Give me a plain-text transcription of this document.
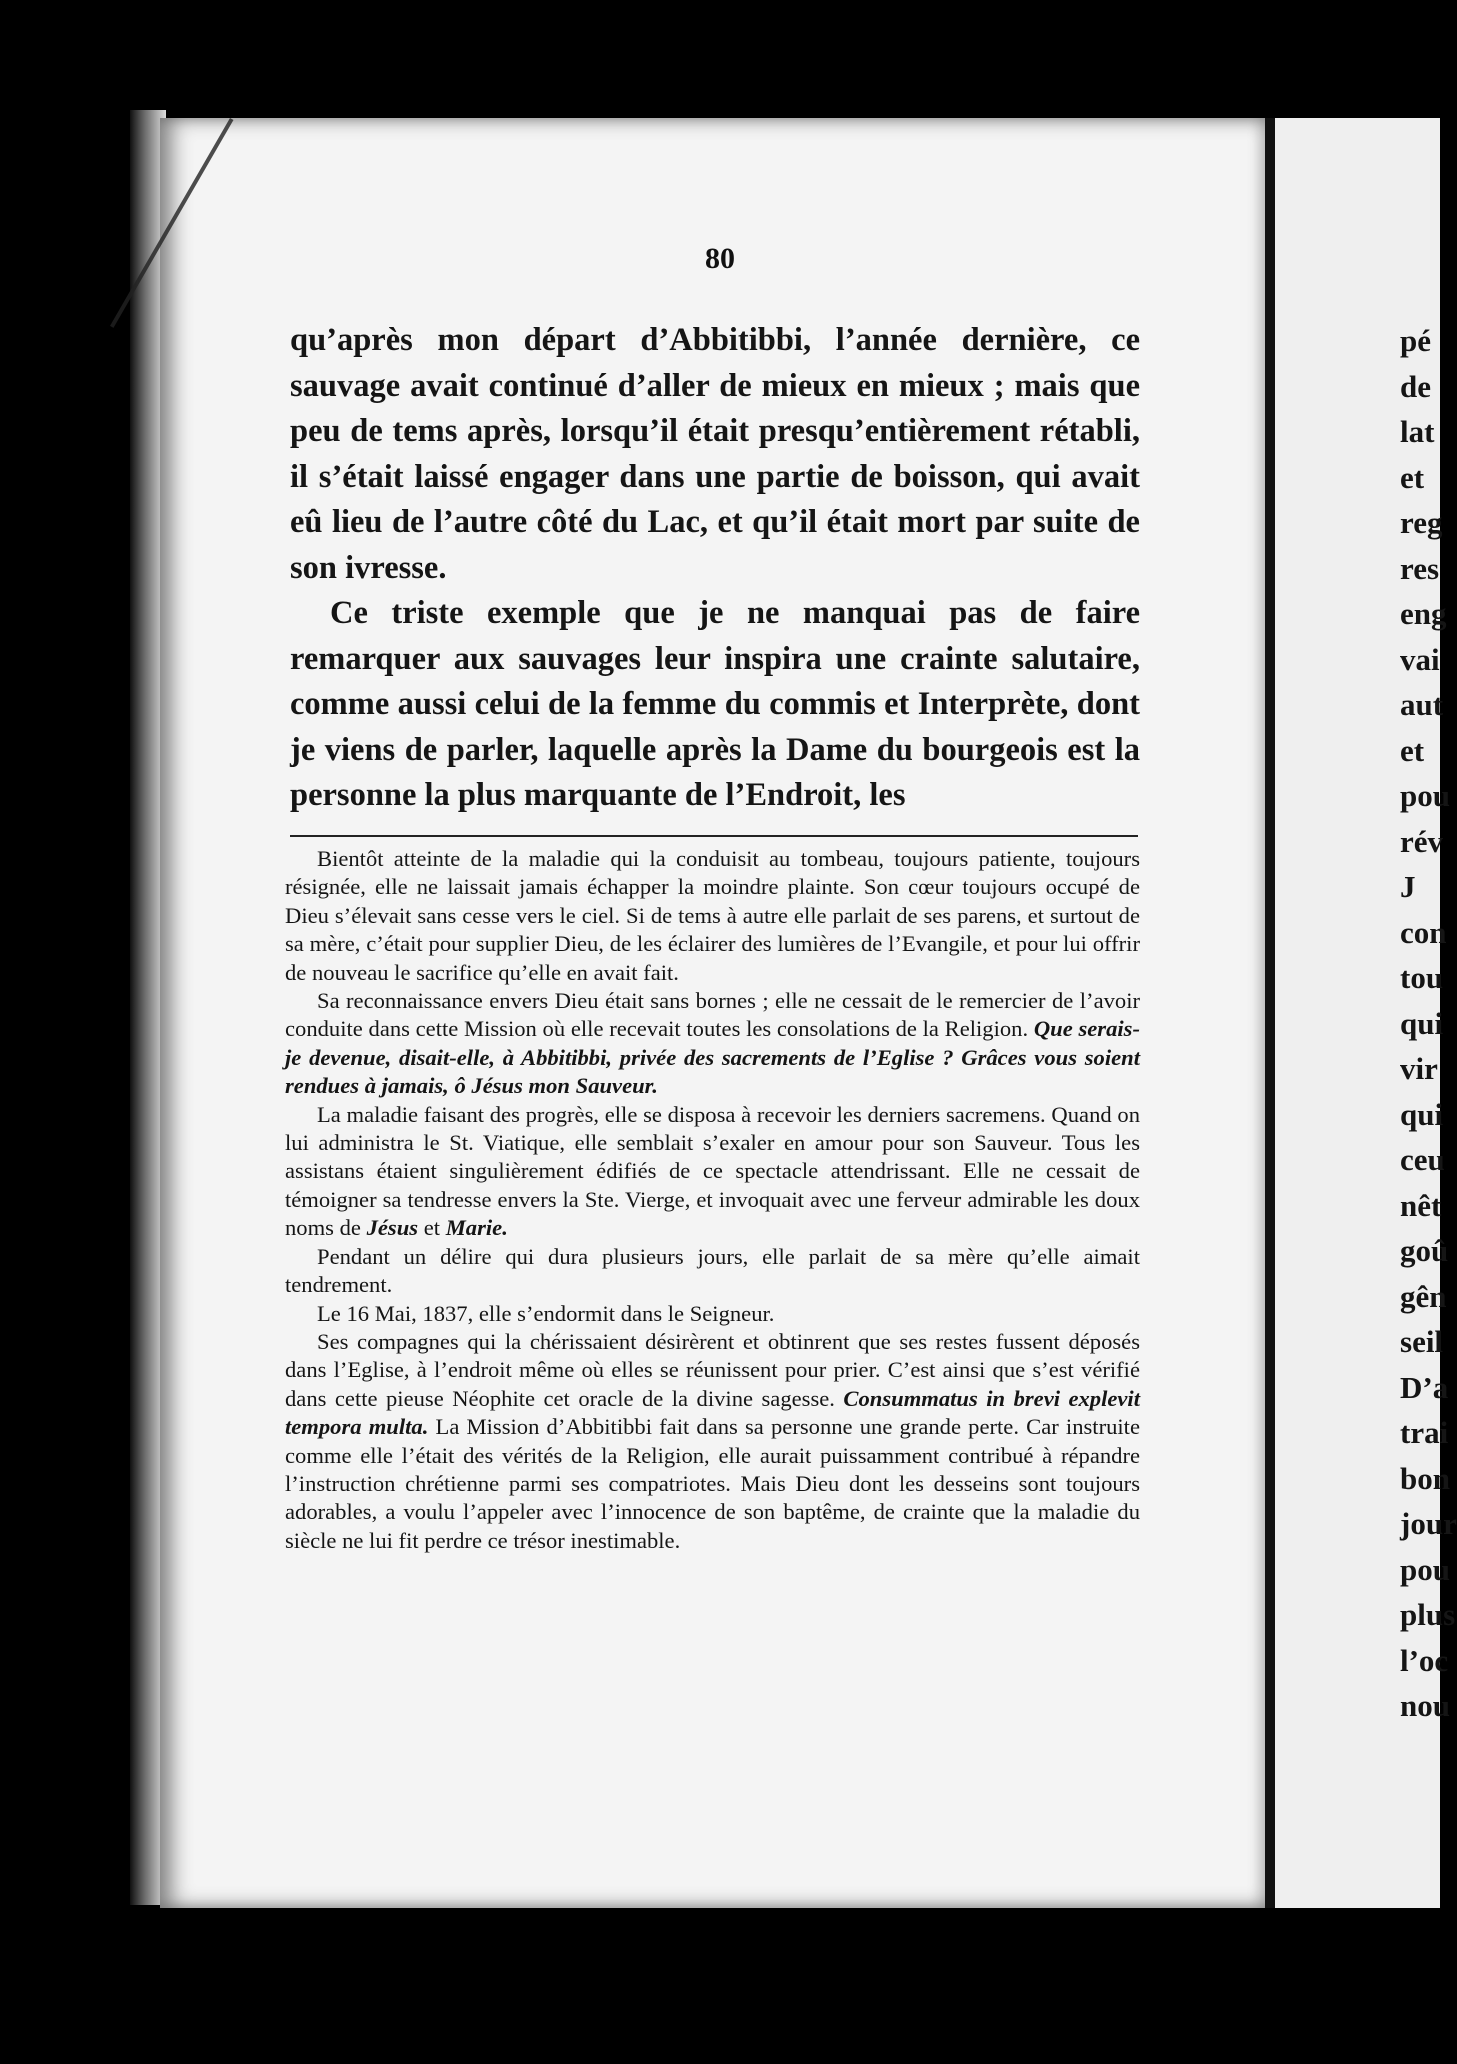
80

qu’après mon départ d’Abbitibbi, l’année dernière, ce sauvage avait continué d’aller de mieux en mieux ; mais que peu de tems après, lorsqu’il était presqu’entièrement rétabli, il s’était laissé engager dans une partie de boisson, qui avait eû lieu de l’autre côté du Lac, et qu’il était mort par suite de son ivresse.

Ce triste exemple que je ne manquai pas de faire remarquer aux sauvages leur inspira une crainte salutaire, comme aussi celui de la femme du commis et Interprète, dont je viens de parler, laquelle après la Dame du bourgeois est la personne la plus marquante de l’Endroit, les

Bientôt atteinte de la maladie qui la conduisit au tombeau, toujours patiente, toujours résignée, elle ne laissait jamais échapper la moindre plainte. Son cœur toujours occupé de Dieu s’élevait sans cesse vers le ciel. Si de tems à autre elle parlait de ses parens, et surtout de sa mère, c’était pour supplier Dieu, de les éclairer des lumières de l’Evangile, et pour lui offrir de nouveau le sacrifice qu’elle en avait fait.

Sa reconnaissance envers Dieu était sans bornes ; elle ne cessait de le remercier de l’avoir conduite dans cette Mission où elle recevait toutes les consolations de la Religion. Que serais-je devenue, disait-elle, à Abbitibbi, privée des sacrements de l’Eglise ? Grâces vous soient rendues à jamais, ô Jésus mon Sauveur.

La maladie faisant des progrès, elle se disposa à recevoir les derniers sacremens. Quand on lui administra le St. Viatique, elle semblait s’exaler en amour pour son Sauveur. Tous les assistans étaient singulièrement édifiés de ce spectacle attendrissant. Elle ne cessait de témoigner sa tendresse envers la Ste. Vierge, et invoquait avec une ferveur admirable les doux noms de Jésus et Marie.

Pendant un délire qui dura plusieurs jours, elle parlait de sa mère qu’elle aimait tendrement.

Le 16 Mai, 1837, elle s’endormit dans le Seigneur.

Ses compagnes qui la chérissaient désirèrent et obtinrent que ses restes fussent déposés dans l’Eglise, à l’endroit même où elles se réunissent pour prier. C’est ainsi que s’est vérifié dans cette pieuse Néophite cet oracle de la divine sagesse. Consummatus in brevi explevit tempora multa. La Mission d’Abbitibbi fait dans sa personne une grande perte. Car instruite comme elle l’était des vérités de la Religion, elle aurait puissamment contribué à répandre l’instruction chrétienne parmi ses compatriotes. Mais Dieu dont les desseins sont toujours adorables, a voulu l’appeler avec l’innocence de son baptême, de crainte que la maladie du siècle ne lui fit perdre ce trésor inestimable.

pé
de
lat
et
reg
res
eng
vai
aut
et
pou
rév
J
con
tou
qui
vir
qui
ceu
nêt
goû
gên
seil
D’a
trai
bon
jour
pou
plus
l’oc
nou
